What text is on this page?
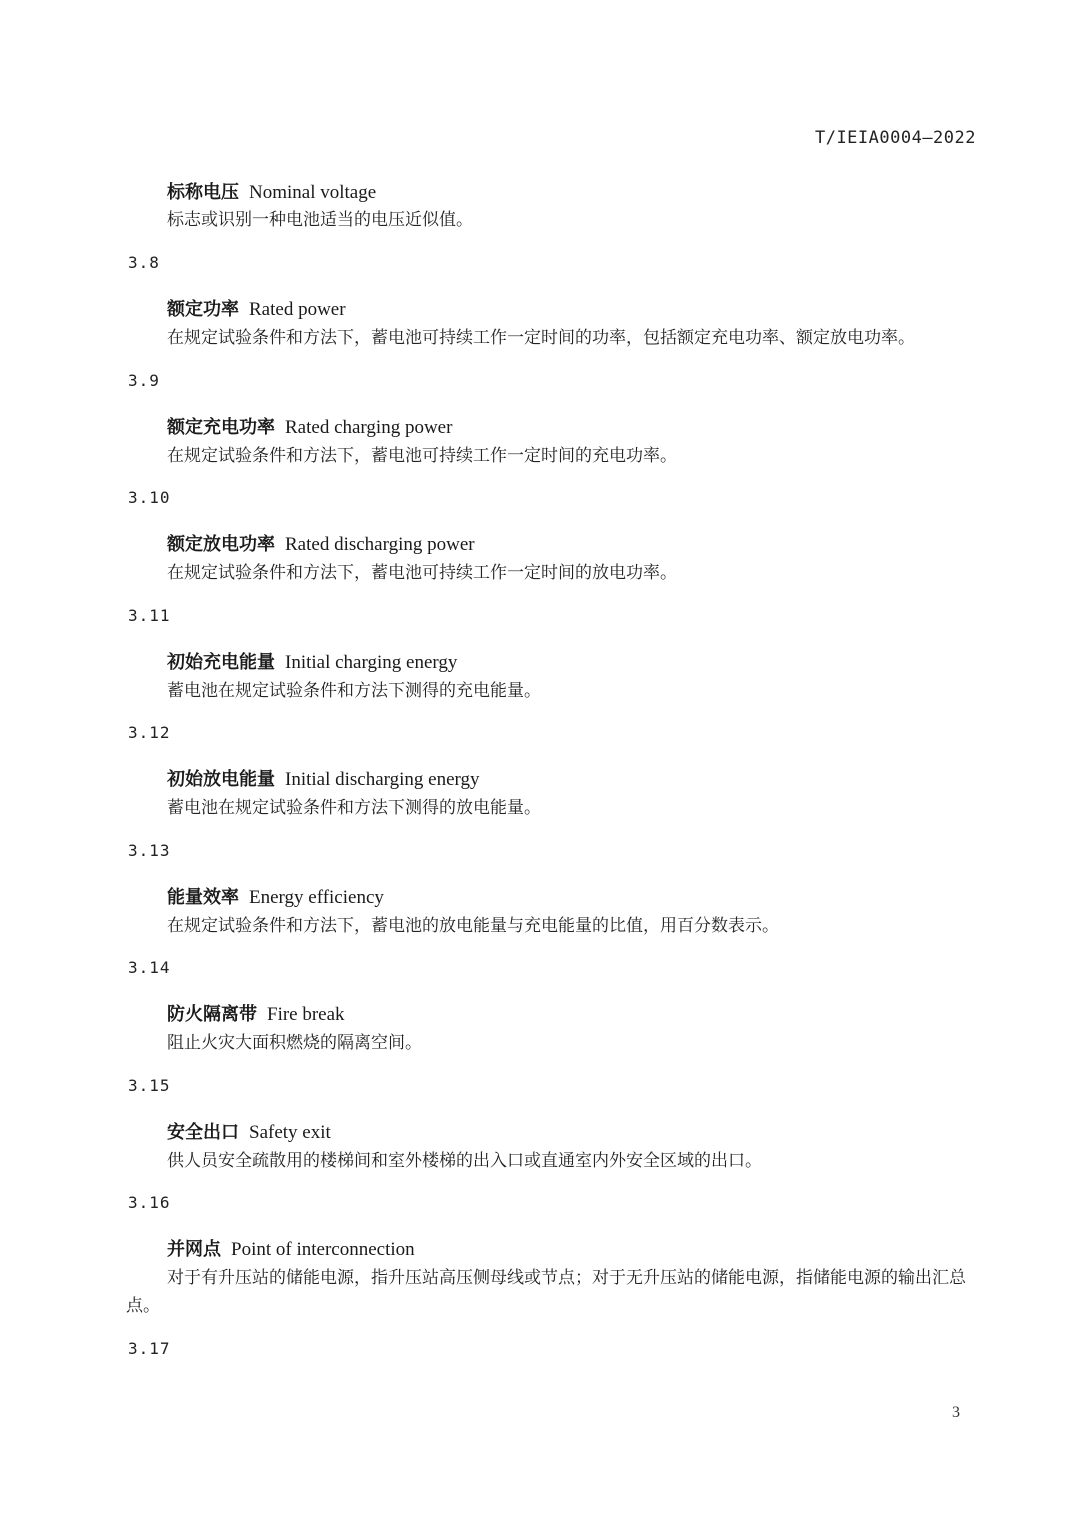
T/IEIA0004—2022
标称电压 Nominal voltage
标志或识别一种电池适当的电压近似值。
3.8
额定功率 Rated power
在规定试验条件和方法下，蓄电池可持续工作一定时间的功率，包括额定充电功率、额定放电功率。
3.9
额定充电功率 Rated charging power
在规定试验条件和方法下，蓄电池可持续工作一定时间的充电功率。
3.10
额定放电功率 Rated discharging power
在规定试验条件和方法下，蓄电池可持续工作一定时间的放电功率。
3.11
初始充电能量 Initial charging energy
蓄电池在规定试验条件和方法下测得的充电能量。
3.12
初始放电能量 Initial discharging energy
蓄电池在规定试验条件和方法下测得的放电能量。
3.13
能量效率 Energy efficiency
在规定试验条件和方法下，蓄电池的放电能量与充电能量的比值，用百分数表示。
3.14
防火隔离带 Fire break
阻止火灾大面积燃烧的隔离空间。
3.15
安全出口 Safety exit
供人员安全疏散用的楼梯间和室外楼梯的出入口或直通室内外安全区域的出口。
3.16
并网点 Point of interconnection
对于有升压站的储能电源，指升压站高压侧母线或节点；对于无升压站的储能电源，指储能电源的输出汇总点。
3.17
3
